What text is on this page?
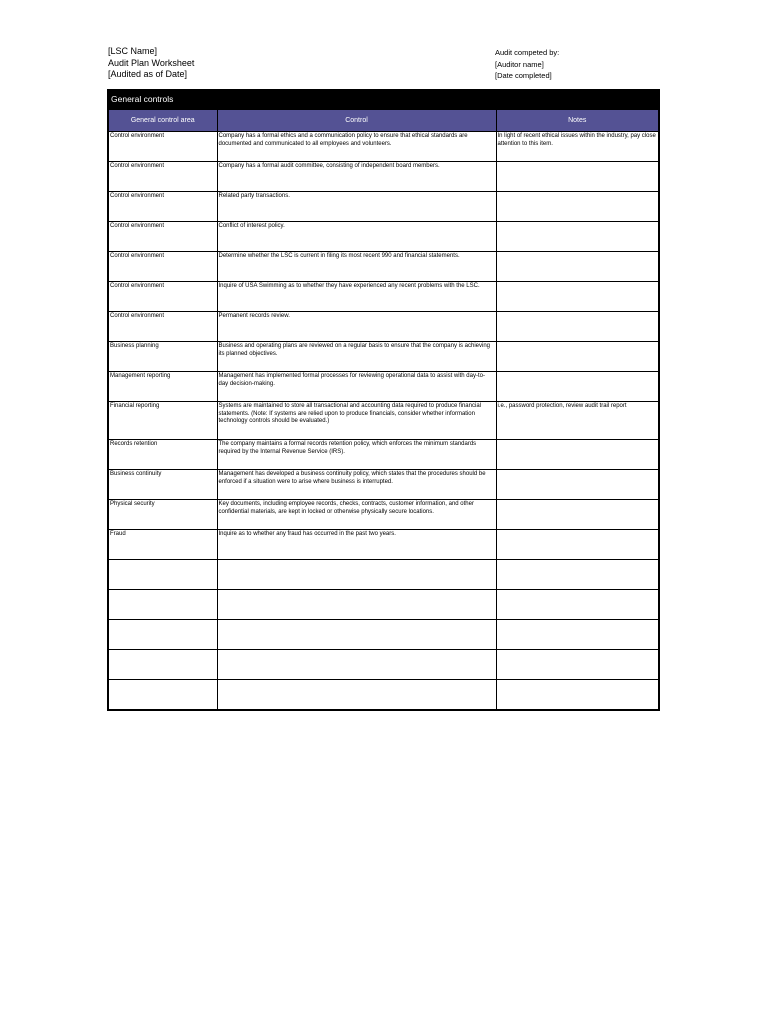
[LSC Name]
Audit Plan Worksheet
[Audited as of Date]
Audit competed by:
[Auditor name]
[Date completed]
General controls
General control area	Control	Notes
Control environment	Company has a formal ethics and a communication policy to ensure that ethical standards are documented and communicated to all employees and volunteers.	In light of recent ethical issues within the industry, pay close attention to this item.
Control environment	Company has a formal audit committee, consisting of independent board members.	
Control environment	Related party transactions.	
Control environment	Conflict of interest policy.	
Control environment	Determine whether the LSC is current in filing its most recent 990 and financial statements.	
Control environment	Inquire of USA Swimming as to whether they have experienced any recent problems with the LSC.	
Control environment	Permanent records review.	
Business planning	Business and operating plans are reviewed on a regular basis to ensure that the company is achieving its planned objectives.	
Management reporting	Management has implemented formal processes for reviewing operational data to assist with day-to-day decision-making.	
Financial reporting	Systems are maintained to store all transactional and accounting data required to produce financial statements. (Note: If systems are relied upon to produce financials, consider whether information technology controls should be evaluated.)	i.e., password protection, review audit trail report
Records retention	The company maintains a formal records retention policy, which enforces the minimum standards required by the Internal Revenue Service (IRS).	
Business continuity	Management has developed a business continuity policy, which states that the procedures should be enforced if a situation were to arise where business is interrupted.	
Physical security	Key documents, including employee records, checks, contracts, customer information, and other confidential materials, are kept in locked or otherwise physically secure locations.	
Fraud	Inquire as to whether any fraud has occurred in the past two years.	
